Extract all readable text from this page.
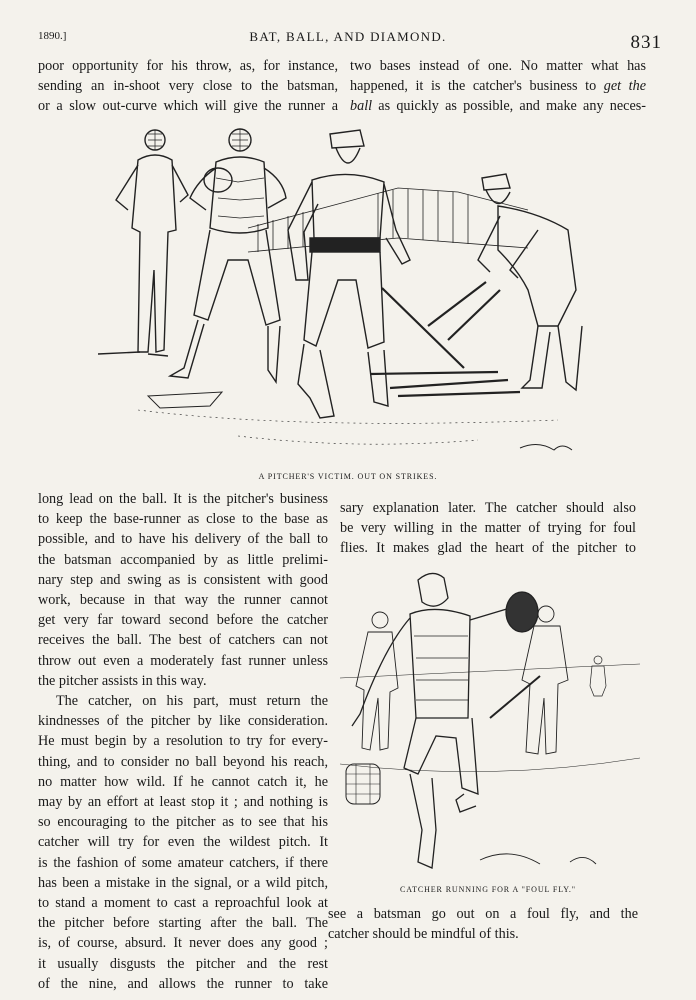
1890.]	BAT, BALL, AND DIAMOND.	831
poor opportunity for his throw, as, for instance,
sending an in-shoot very close to the batsman,
or a slow out-curve which will give the runner a
two bases instead of one. No matter what has
happened, it is the catcher's business to get the
ball as quickly as possible, and make any neces-
A PITCHER'S VICTIM. OUT ON STRIKES.
long lead on the ball. It is the pitcher's business
to keep the base-runner as close to the base as
possible, and to have his delivery of the ball to
the batsman accompanied by as little prelimi-
nary step and swing as is consistent with good
work, because in that way the runner cannot
get very far toward second before the catcher
receives the ball. The best of catchers can not
throw out even a moderately fast runner unless
the pitcher assists in this way.
The catcher, on his part, must return the
kindnesses of the pitcher by like consideration.
He must begin by a resolution to try for every-
thing, and to consider no ball beyond his reach,
no matter how wild. If he cannot catch it, he
may by an effort at least stop it ; and nothing is
so encouraging to the pitcher as to see that his
catcher will try for even the wildest pitch. It
is the fashion of some amateur catchers, if there
has been a mistake in the signal, or a wild pitch,
to stand a moment to cast a reproachful look at
the pitcher before starting after the ball. The
is, of course, absurd. It never does any good ;
it usually disgusts the pitcher and the rest
of the nine, and allows the runner to take
sary explanation later. The catcher should also
be very willing in the matter of trying for foul
flies. It makes glad the heart of the pitcher to
CATCHER RUNNING FOR A "FOUL FLY."
see a batsman go out on a foul fly, and the
catcher should be mindful of this.
